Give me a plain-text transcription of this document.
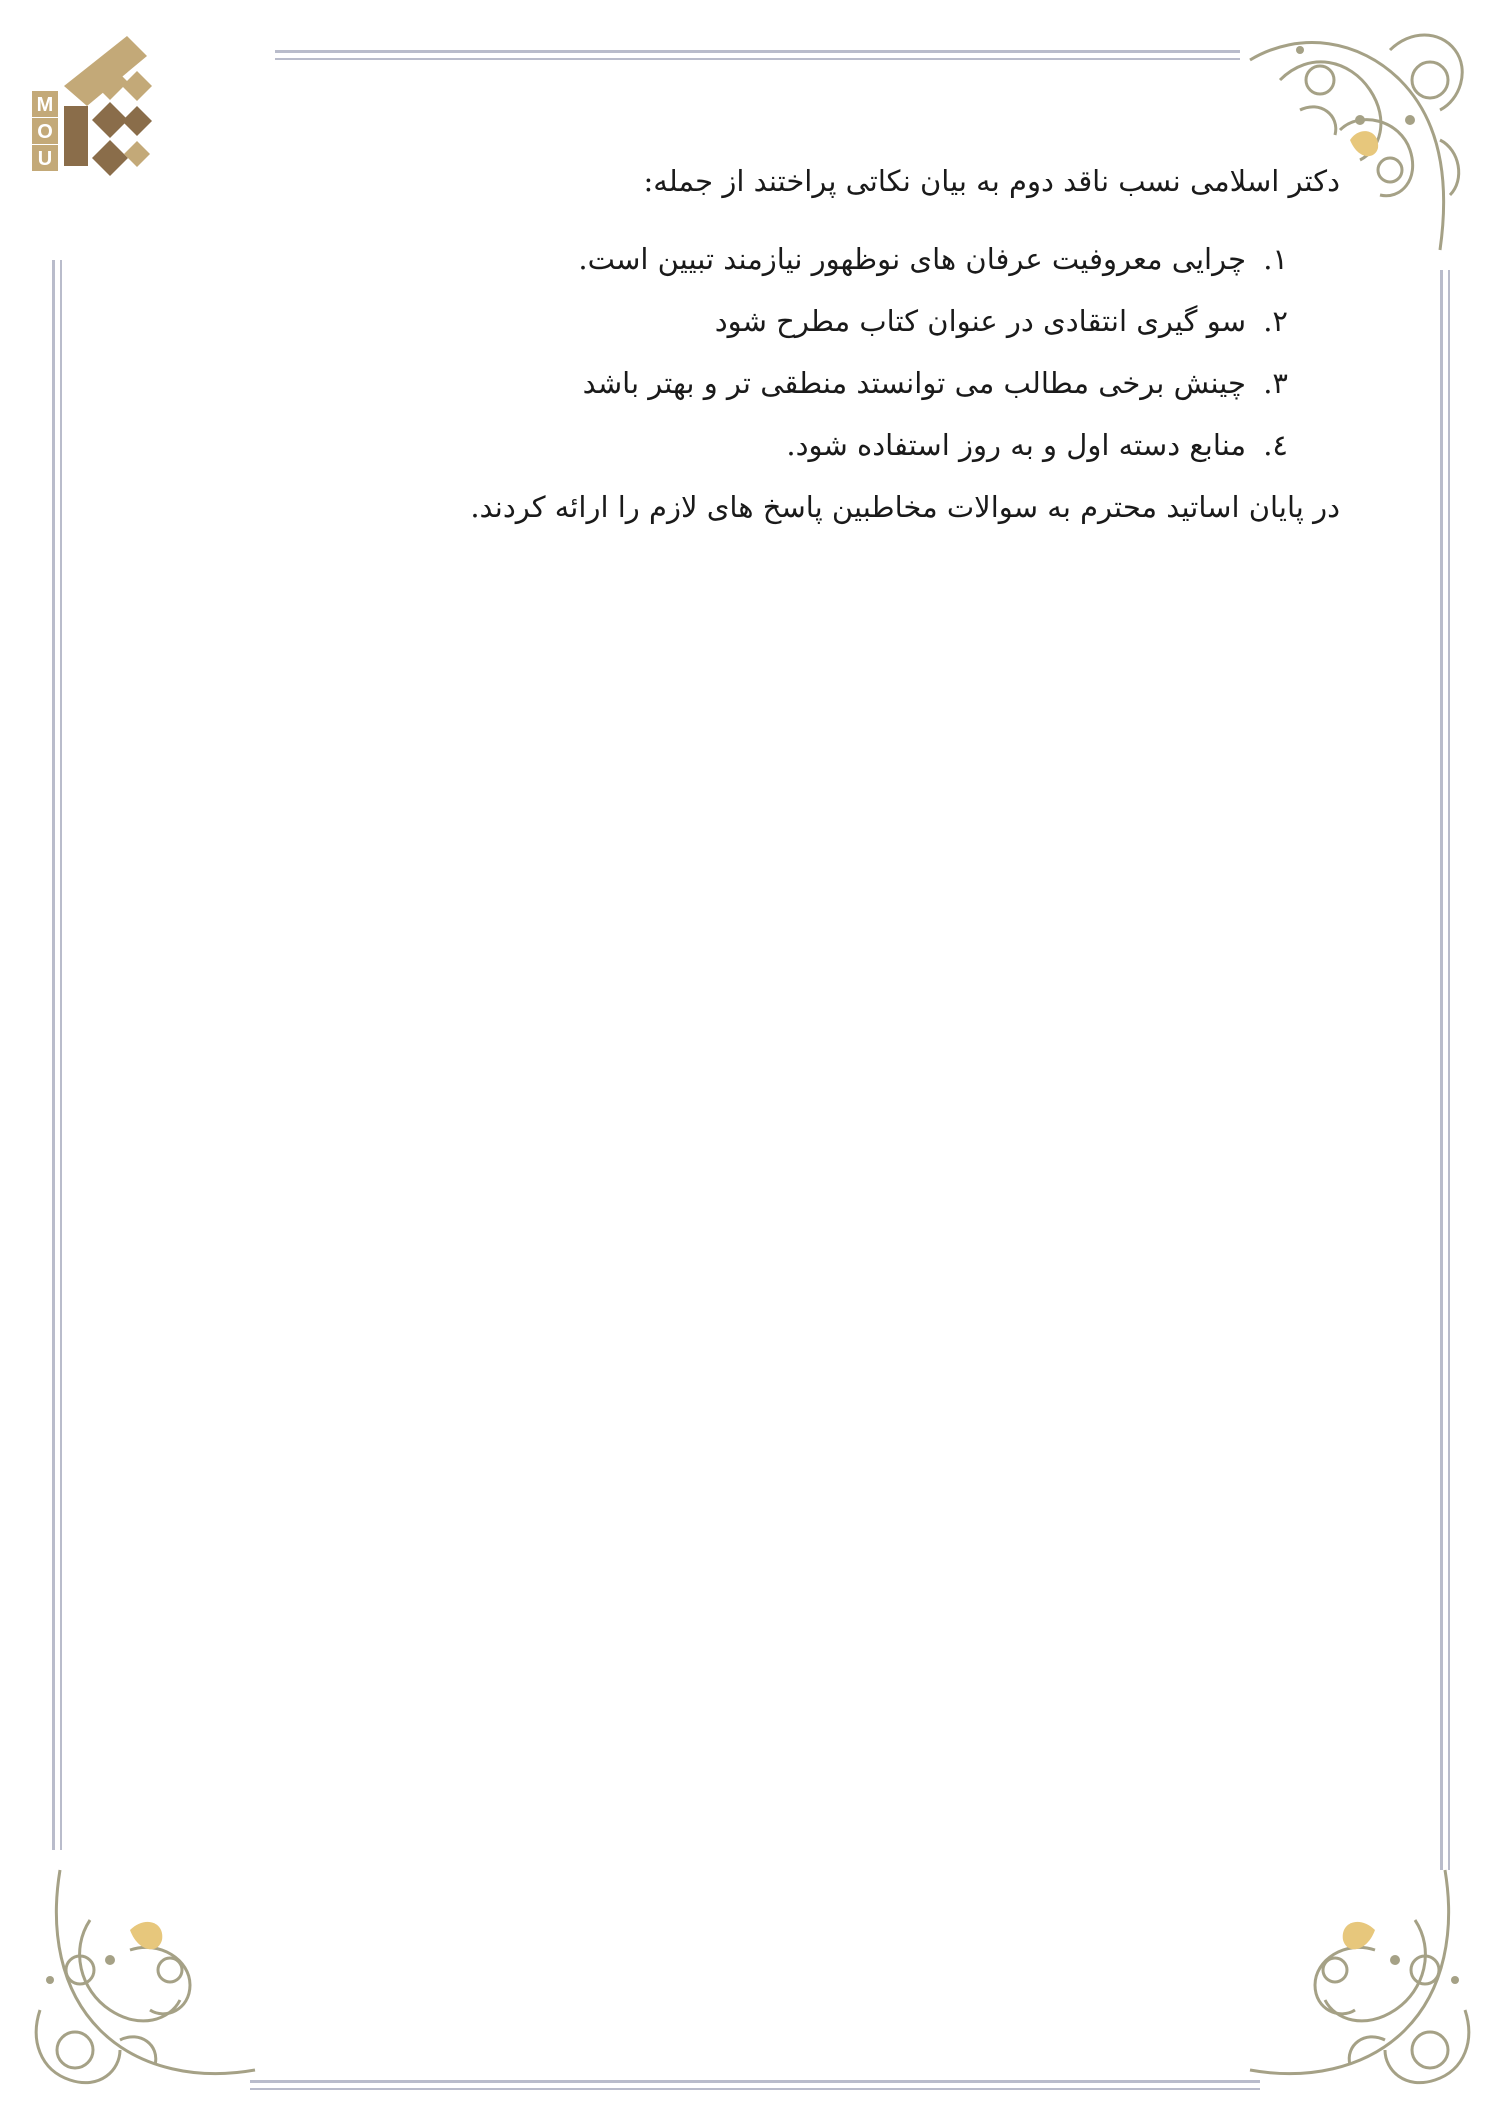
M
O
U

دکتر اسلامی نسب ناقد دوم به بیان نکاتی پراختند از جمله:

۱.
چرایی معروفیت عرفان های نوظهور نیازمند تبیین است.
۲.
سو گیری انتقادی در عنوان کتاب مطرح شود
۳.
چینش برخی مطالب می توانستد منطقی تر و بهتر باشد
٤.
منابع دسته اول و به روز استفاده شود.

در پایان اساتید محترم به سوالات مخاطبین پاسخ های لازم را ارائه کردند.
